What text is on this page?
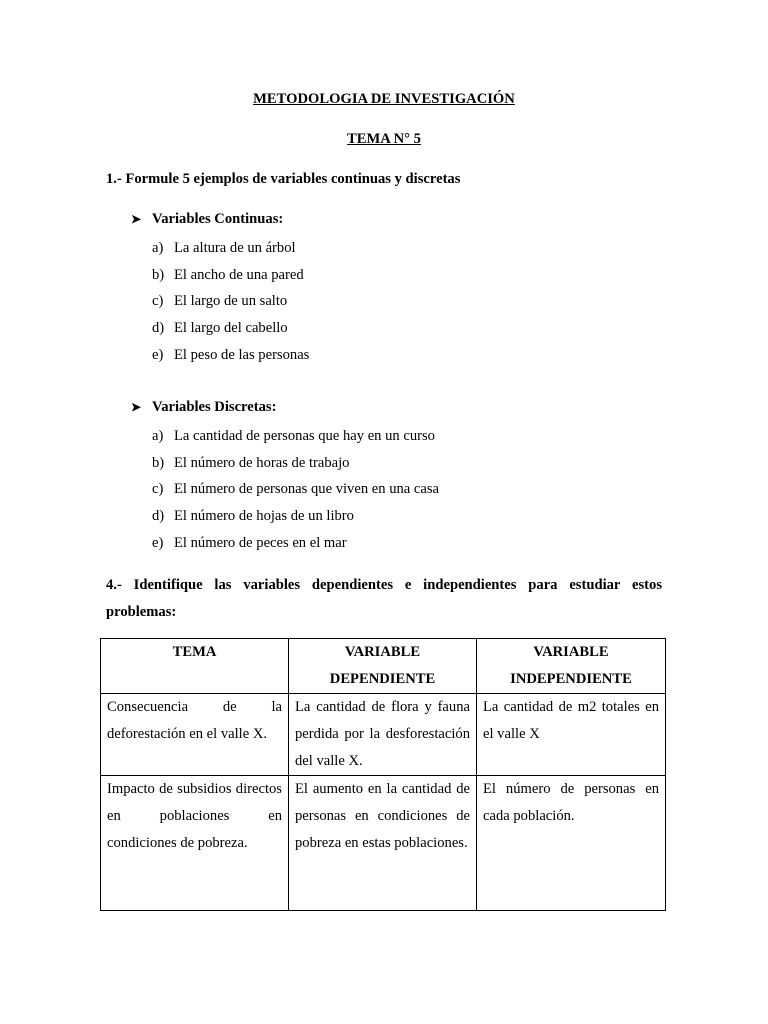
METODOLOGIA DE INVESTIGACIÓN
TEMA N° 5
1.- Formule 5 ejemplos de variables continuas y discretas
➤ Variables Continuas:
a) La altura de un árbol
b) El ancho de una pared
c) El largo de un salto
d) El largo del cabello
e) El peso de las personas
➤ Variables Discretas:
a) La cantidad de personas que hay en un curso
b) El número de horas de trabajo
c) El número de personas que viven en una casa
d) El número de hojas de un libro
e) El número de peces en el mar
4.- Identifique las variables dependientes e independientes para estudiar estos problemas:
TEMA	VARIABLE DEPENDIENTE	VARIABLE INDEPENDIENTE
Consecuencia de la deforestación en el valle X.	La cantidad de flora y fauna perdida por la desforestación del valle X.	La cantidad de m2 totales en el valle X
Impacto de subsidios directos en poblaciones en condiciones de pobreza.	El aumento en la cantidad de personas en condiciones de pobreza en estas poblaciones.	El número de personas en cada población.
